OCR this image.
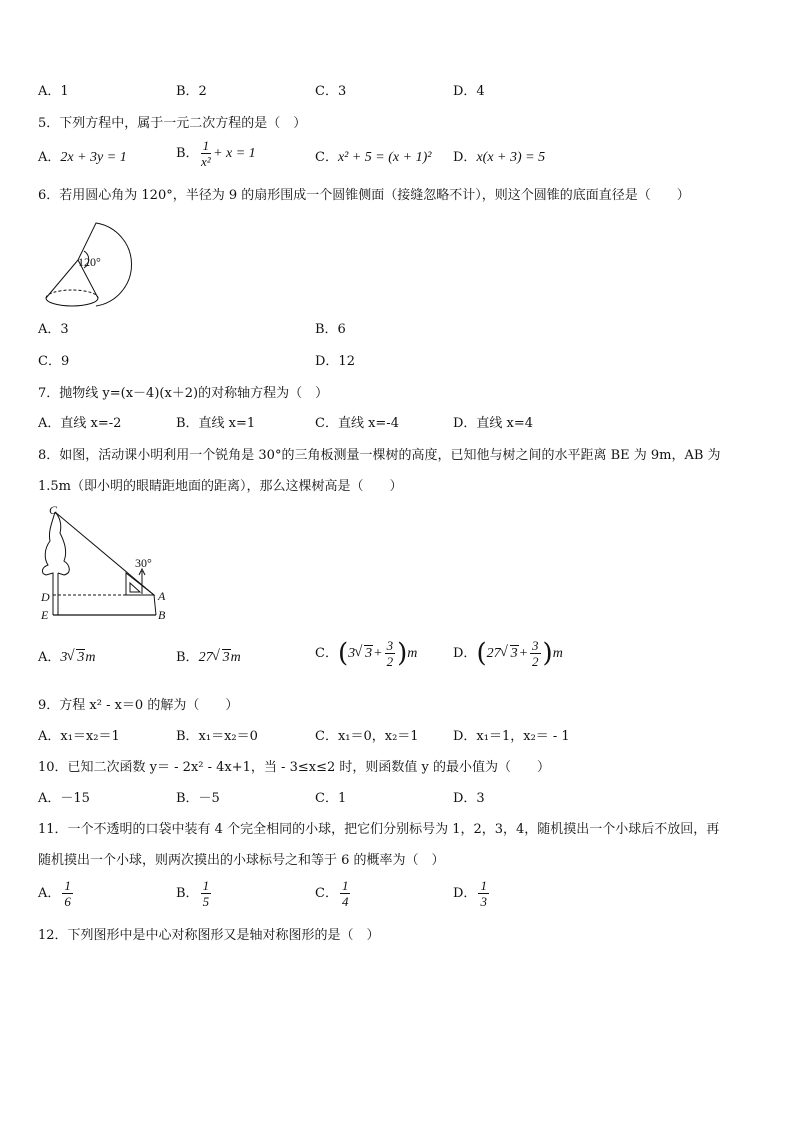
A．1	B．2	C．3	D．4
5．下列方程中，属于一元二次方程的是（　）
A．2x + 3y = 1	B． $\frac{1}{\text{x²}} + x = 1$	C．x² + 5 = (x + 1)² D．x(x + 3) = 5
6．若用圆心角为 120°，半径为 9 的扇形围成一个圆锥侧面（接缝忽略不计），则这个圆锥的底面直径是（　　）
120°
A．3	B．6
C．9	D．12
7．抛物线 y=(x－4)(x＋2)的对称轴方程为（　）
A．直线 x=-2	B．直线 x=1	C．直线 x=-4	D．直线 x=4
8．如图，活动课小明利用一个锐角是 30°的三角板测量一棵树的高度，已知他与树之间的水平距离 BE 为 9m，AB 为
1.5m（即小明的眼睛距地面的距离），那么这棵树高是（　　）
C
D
E
A
B
30°
A．3 √ 3m	B．27 √ 3m	C．(3 √ $3+ \frac{3}{2} )m$	D．(27 √ $3+ \frac{3}{2} )m$
9．方程 x² - x＝0 的解为（　　）
A．x₁＝x₂＝1	B．x₁＝x₂＝0	C．x₁＝0，x₂＝1	D．x₁＝1，x₂＝ - 1
10．已知二次函数 y＝ - 2x² - 4x+1，当 - 3≤x≤2 时，则函数值 y 的最小值为（　　）
A．－15	B．－5	C．1	D．3
11．一个不透明的口袋中装有 4 个完全相同的小球，把它们分别标号为 1，2，3，4，随机摸出一个小球后不放回，再
随机摸出一个小球，则两次摸出的小球标号之和等于 6 的概率为（　）
A． $\frac{1}{6}$	B． $\frac{1}{5}$	C． $\frac{1}{4}$	D． $\frac{1}{3}$
12．下列图形中是中心对称图形又是轴对称图形的是（　）
